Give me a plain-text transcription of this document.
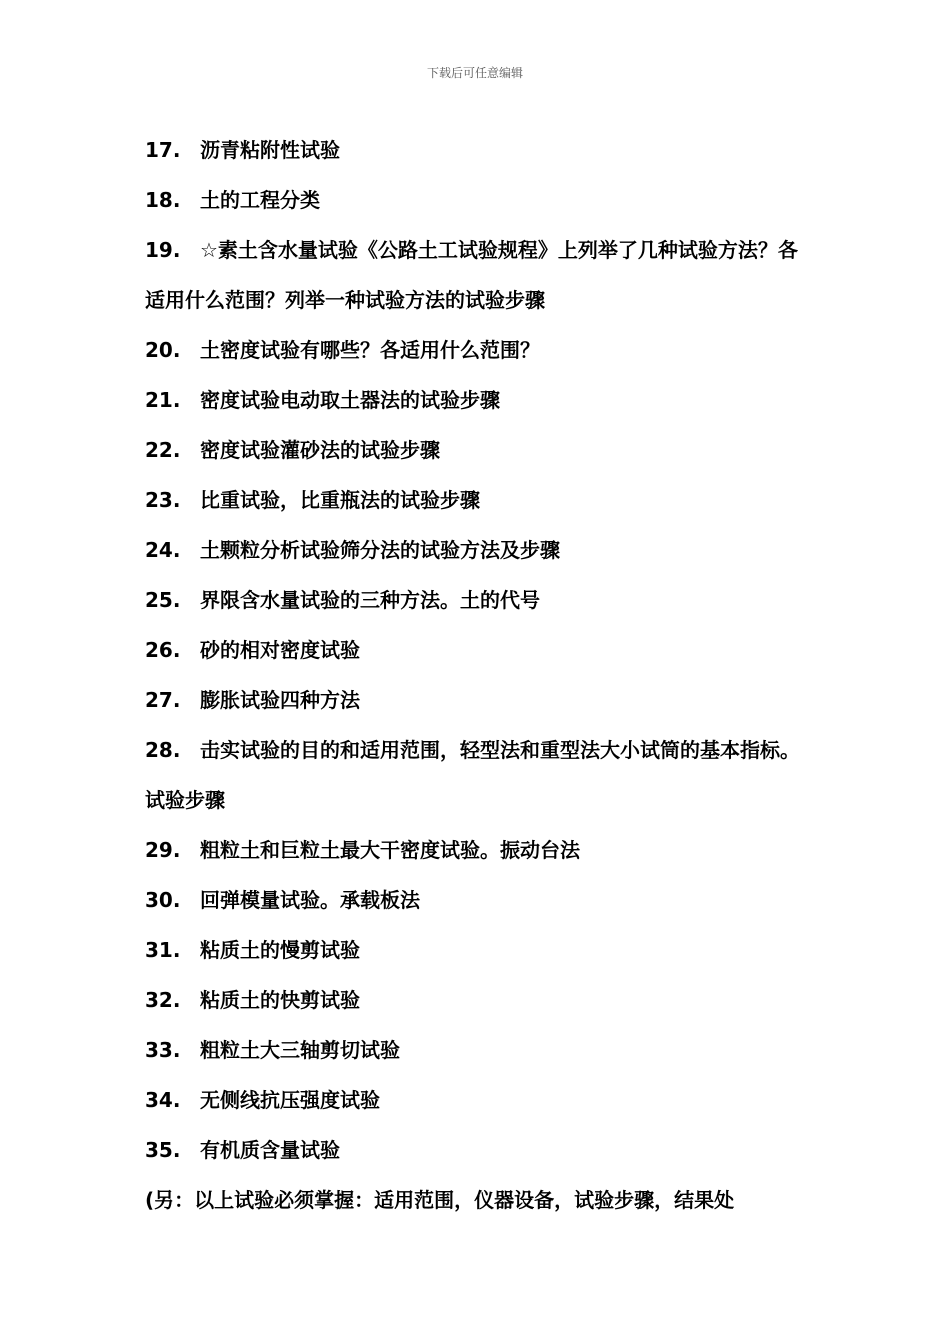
下载后可任意编辑

17. 沥青粘附性试验

18. 土的工程分类

19. ☆素土含水量试验《公路土工试验规程》上列举了几种试验方法？各适用什么范围？列举一种试验方法的试验步骤

20. 土密度试验有哪些？各适用什么范围？

21. 密度试验电动取土器法的试验步骤

22. 密度试验灌砂法的试验步骤

23. 比重试验，比重瓶法的试验步骤

24. 土颗粒分析试验筛分法的试验方法及步骤

25. 界限含水量试验的三种方法。土的代号

26. 砂的相对密度试验

27. 膨胀试验四种方法

28. 击实试验的目的和适用范围，轻型法和重型法大小试筒的基本指标。试验步骤

29. 粗粒土和巨粒土最大干密度试验。振动台法

30. 回弹模量试验。承载板法

31. 粘质土的慢剪试验

32. 粘质土的快剪试验

33. 粗粒土大三轴剪切试验

34. 无侧线抗压强度试验

35. 有机质含量试验

(另：以上试验必须掌握：适用范围，仪器设备，试验步骤，结果处
